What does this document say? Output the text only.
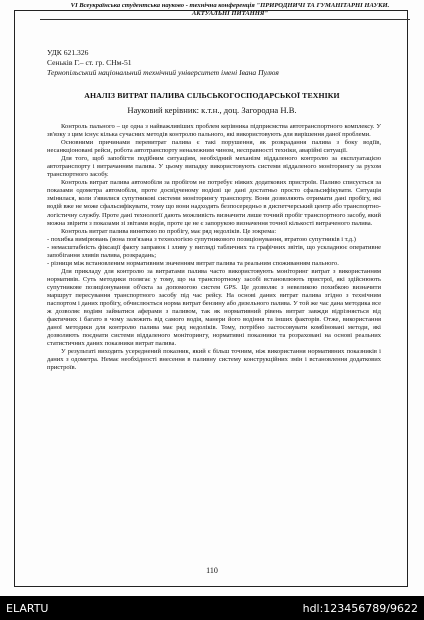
VI Всеукраїнська студентська науково - технічна конференція "ПРИРОДНИЧІ ТА ГУМАНІТАРНІ НАУКИ.
АКТУАЛЬНІ ПИТАННЯ"
УДК 621.326
Сеньків Г.– ст. гр. СНм-51
Тернопільський національний технічний університет імені Івана Пулюя
АНАЛІЗ ВИТРАТ ПАЛИВА СІЛЬСЬКОГОСПОДАРСЬКОЇ ТЕХНІКИ
Науковий керівник: к.т.н., доц. Загородна Н.В.

Контроль пального – це одна з найважливіших проблем керівника підприємства автотранспортного комплексу. У зв'язку з цим існує кілька сучасних методів контролю пального, які використовують для вирішення даної проблеми.

Основними причинами перевитрат палива є такі порушення, як розкрадання палива з боку водіїв, несанкціоновані рейси, робота автотранспорту неналежним чином, несправності техніки, аварійні ситуації.

Для того, щоб запобігти подібним ситуаціям, необхідний механізм віддаленого контролю за експлуатацією автотранспорту і витрачанням палива. У цьому випадку використовують системи віддаленого моніторингу за рухом транспортного засобу.

Контроль витрат палива автомобіля за пробігом не потребує ніяких додаткових пристроїв. Паливо списується за показами одометра автомобіля, проте досвідченому водієві це дані достатньо просто сфальсифікувати. Ситуація змінилася, коли з'явилися супутникові системи моніторингу транспорту. Вони дозволяють отримати дані пробігу, які водій вже не може сфальсифікувати, тому що вони надходять безпосередньо в диспетчерський центр або транспортно-логістичну службу. Проте дані технології дають можливість визначити лише точний пробіг транспортного засобу, який можна звірити з показами зі звітами водія, проте це не є запорукою визначення точної кількості витраченого палива.

Контроль витрат палива виняткою по пробігу, має ряд недоліків. Це зокрема:

- похибка вимірювань (вона пов'язана з технологією супутникового позиціонування, втратою супутників і т.д.)

- немасштабність фіксації факту заправок і зливу у вигляді табличних та графічних звітів, що ускладнює оперативне запобігання зливів палива, розкрадань;

- різниця між встановленим нормативним значенням витрат палива та реальним споживанням пального.

Для прикладу для контролю за витратами палива часто використовують моніторинг витрат з використанням нормативів. Суть методики полягає у тому, що на транспортному засобі встановлюють пристрої, які здійснюють супутникове позиціонування об'єкта за допомогою систем GPS. Це дозволяє з невеликою похибкою визначити маршрут пересування транспортного засобу під час рейсу. На основі даних витрат палива згідно з технічним паспортом і даних пробігу, обчислюється норма витрат бензину або дизельного палива. У той же час дана методика все ж дозволяє водіям займатися аферами з паливом, так як нормативний рівень витрат завжди відрізняється від фактичних і багато в чому залежить від самого водія, манери його водіння та інших факторів. Отже, використання даної методики для контролю палива має ряд недоліків. Тому, потрібно застосовувати комбіновані методи, які дозволяють поєднати системи віддаленого моніторингу, нормативні показники та розраховані на основі реальних статистичних даних показники витрат палива.

У результаті виходить усереднений показник, який є більш точним, ніж використання нормативних показників і даних з одометра. Немає необхідності внесення в паливну систему конструкційних змін і встановлення додаткових пристроїв.

110
ELARTU	hdl:123456789/9622
